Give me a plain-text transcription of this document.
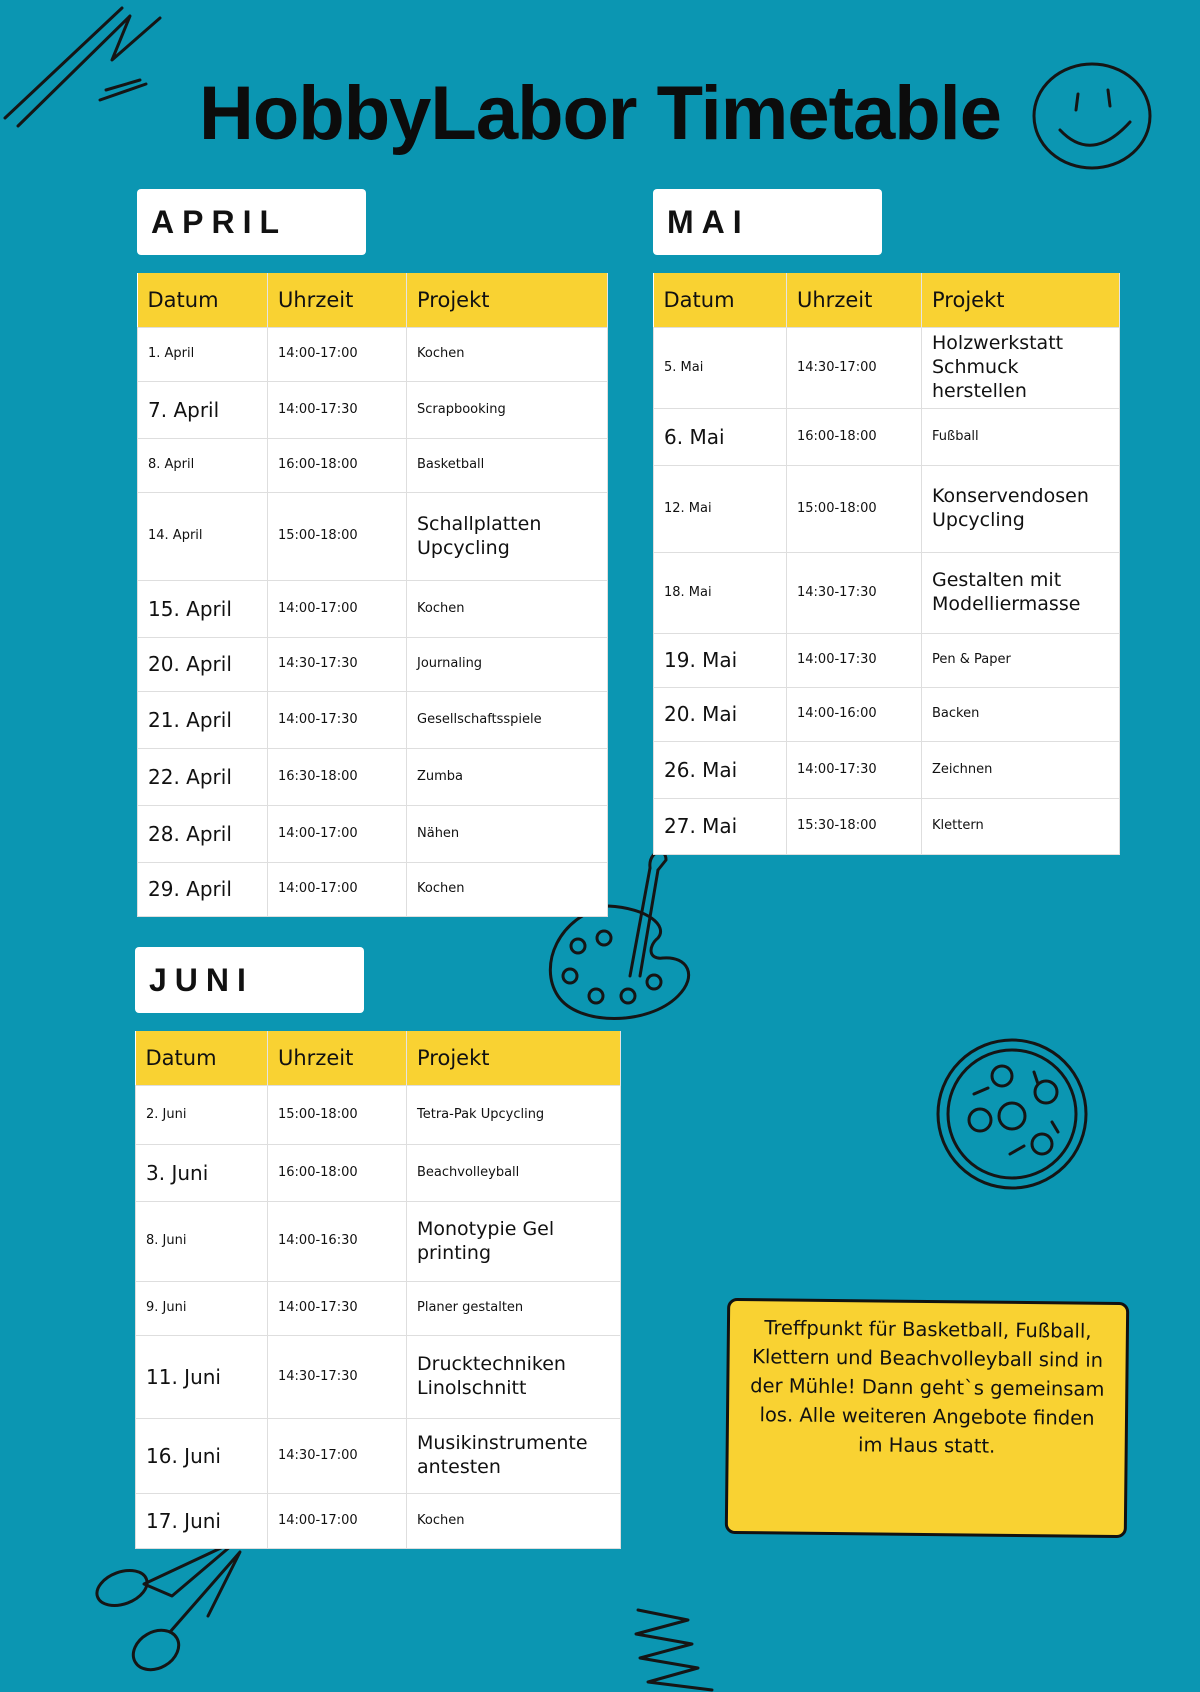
HobbyLabor Timetable
APRIL
Datum	Uhrzeit	Projekt
1. April	14:00-17:00	Kochen
7. April	14:00-17:30	Scrapbooking
8. April	16:00-18:00	Basketball
14. April	15:00-18:00	Schallplatten Upcycling
15. April	14:00-17:00	Kochen
20. April	14:30-17:30	Journaling
21. April	14:00-17:30	Gesellschaftsspiele
22. April	16:30-18:00	Zumba
28. April	14:00-17:00	Nähen
29. April	14:00-17:00	Kochen
MAI
Datum	Uhrzeit	Projekt
5. Mai	14:30-17:00	Holzwerkstatt Schmuck herstellen
6. Mai	16:00-18:00	Fußball
12. Mai	15:00-18:00	Konservendosen Upcycling
18. Mai	14:30-17:30	Gestalten mit Modelliermasse
19. Mai	14:00-17:30	Pen & Paper
20. Mai	14:00-16:00	Backen
26. Mai	14:00-17:30	Zeichnen
27. Mai	15:30-18:00	Klettern
JUNI
Datum	Uhrzeit	Projekt
2. Juni	15:00-18:00	Tetra-Pak Upcycling
3. Juni	16:00-18:00	Beachvolleyball
8. Juni	14:00-16:30	Monotypie Gel printing
9. Juni	14:00-17:30	Planer gestalten
11. Juni	14:30-17:30	Drucktechniken Linolschnitt
16. Juni	14:30-17:00	Musikinstrumente antesten
17. Juni	14:00-17:00	Kochen
Treffpunkt für Basketball, Fußball, Klettern und Beachvolleyball sind in der Mühle! Dann geht`s gemeinsam los. Alle weiteren Angebote finden im Haus statt.
